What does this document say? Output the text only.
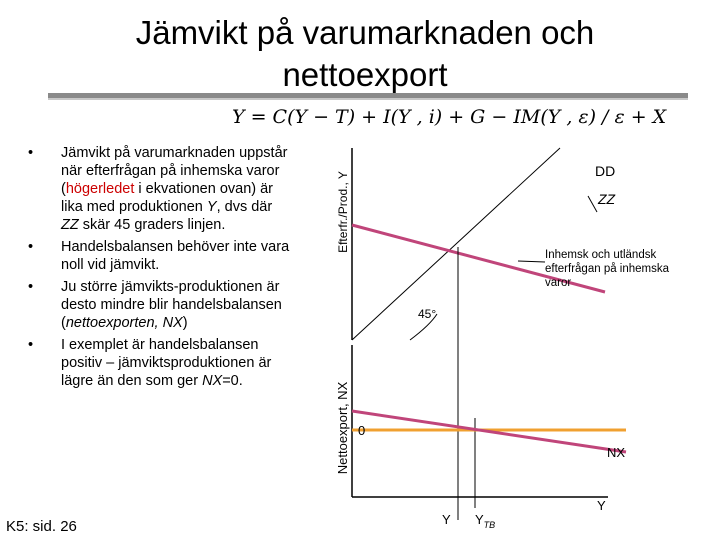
Jämvikt på varumarknaden och nettoexport
Y = C(Y − T) + I(Y , i) + G − IM(Y , ε) / ε + X
• Jämvikt på varumarknaden uppstår när efterfrågan på inhemska varor (högerledet i ekvationen ovan) är lika med produktionen Y, dvs där ZZ skär 45 graders linjen.
• Handelsbalansen behöver inte vara noll vid jämvikt.
• Ju större jämvikts-produktionen är desto mindre blir handelsbalansen (nettoexporten, NX)
• I exemplet är handelsbalansen positiv – jämviktsproduktionen är lägre än den som ger NX=0.
K5: sid. 26
Efterfr./Prod., Y
DD
ZZ
Inhemsk och utländsk efterfrågan på inhemska varor
45°
Nettoexport, NX 0
NX
Y
Y $Y_{TB}$
